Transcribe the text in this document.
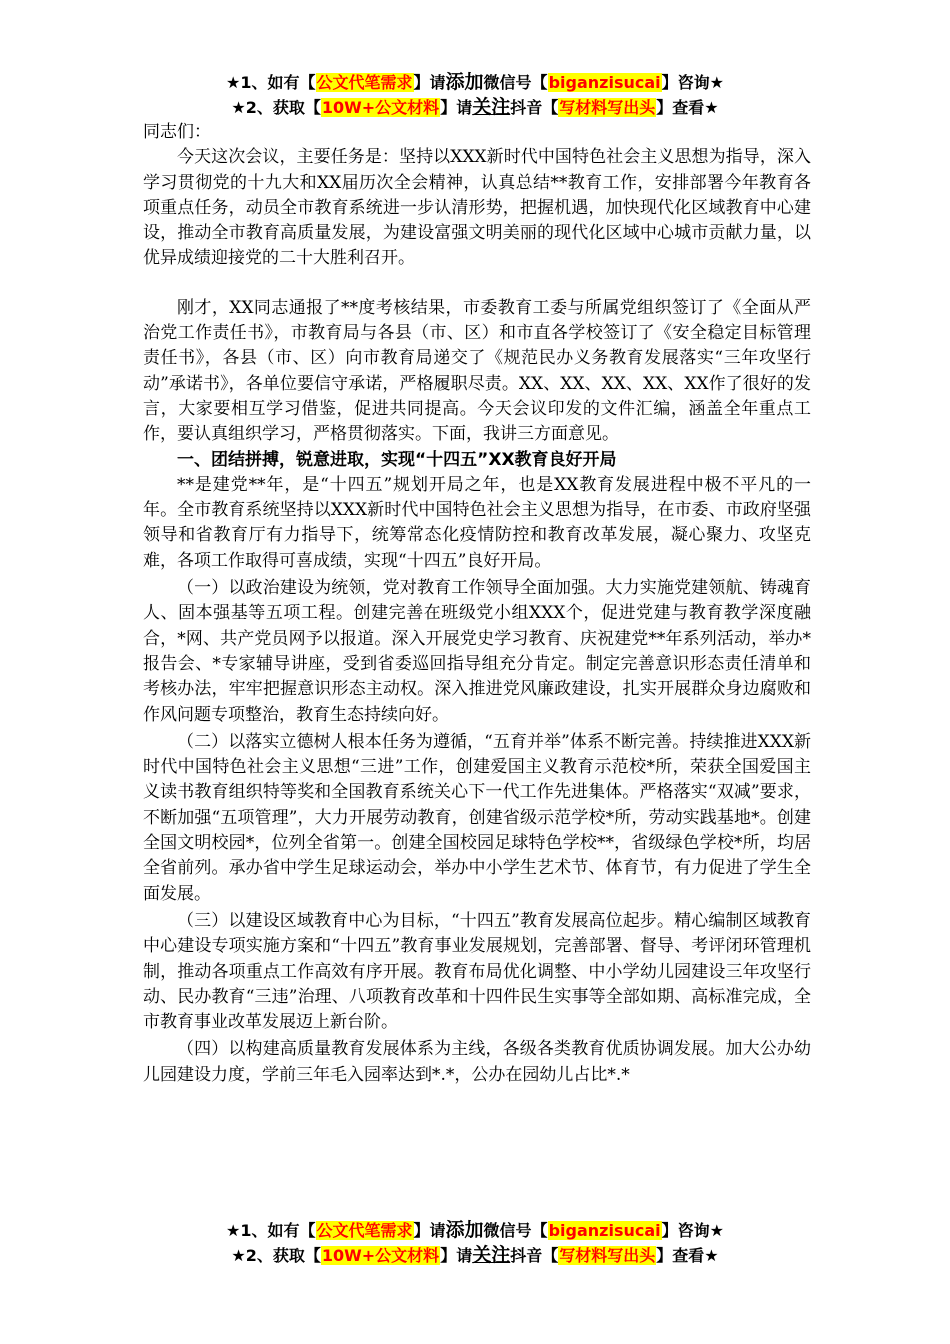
★1、如有【公文代笔需求】请添加微信号【biganzisucai】咨询★
★2、获取【10W+公文材料】请关注抖音【写材料写出头】查看★

同志们：

今天这次会议，主要任务是：坚持以XXX新时代中国特色社会主义思想为指导，深入学习贯彻党的十九大和XX届历次全会精神，认真总结**教育工作，安排部署今年教育各项重点任务，动员全市教育系统进一步认清形势，把握机遇，加快现代化区域教育中心建设，推动全市教育高质量发展，为建设富强文明美丽的现代化区域中心城市贡献力量，以优异成绩迎接党的二十大胜利召开。

刚才，XX同志通报了**度考核结果，市委教育工委与所属党组织签订了《全面从严治党工作责任书》，市教育局与各县（市、区）和市直各学校签订了《安全稳定目标管理责任书》，各县（市、区）向市教育局递交了《规范民办义务教育发展落实“三年攻坚行动”承诺书》，各单位要信守承诺，严格履职尽责。XX、XX、XX、XX、XX作了很好的发言，大家要相互学习借鉴，促进共同提高。今天会议印发的文件汇编，涵盖全年重点工作，要认真组织学习，严格贯彻落实。下面，我讲三方面意见。

一、团结拼搏，锐意进取，实现“十四五”XX教育良好开局

**是建党**年，是“十四五”规划开局之年，也是XX教育发展进程中极不平凡的一年。全市教育系统坚持以XXX新时代中国特色社会主义思想为指导，在市委、市政府坚强领导和省教育厅有力指导下，统筹常态化疫情防控和教育改革发展，凝心聚力、攻坚克难，各项工作取得可喜成绩，实现“十四五”良好开局。

（一）以政治建设为统领，党对教育工作领导全面加强。大力实施党建领航、铸魂育人、固本强基等五项工程。创建完善在班级党小组XXX个，促进党建与教育教学深度融合，*网、共产党员网予以报道。深入开展党史学习教育、庆祝建党**年系列活动，举办*报告会、*专家辅导讲座，受到省委巡回指导组充分肯定。制定完善意识形态责任清单和考核办法，牢牢把握意识形态主动权。深入推进党风廉政建设，扎实开展群众身边腐败和作风问题专项整治，教育生态持续向好。

（二）以落实立德树人根本任务为遵循，“五育并举”体系不断完善。持续推进XXX新时代中国特色社会主义思想“三进”工作，创建爱国主义教育示范校*所，荣获全国爱国主义读书教育组织特等奖和全国教育系统关心下一代工作先进集体。严格落实“双减”要求，不断加强“五项管理”，大力开展劳动教育，创建省级示范学校*所，劳动实践基地*。创建全国文明校园*，位列全省第一。创建全国校园足球特色学校**，省级绿色学校*所，均居全省前列。承办省中学生足球运动会，举办中小学生艺术节、体育节，有力促进了学生全面发展。

（三）以建设区域教育中心为目标，“十四五”教育发展高位起步。精心编制区域教育中心建设专项实施方案和“十四五”教育事业发展规划，完善部署、督导、考评闭环管理机制，推动各项重点工作高效有序开展。教育布局优化调整、中小学幼儿园建设三年攻坚行动、民办教育“三违”治理、八项教育改革和十四件民生实事等全部如期、高标准完成，全市教育事业改革发展迈上新台阶。

（四）以构建高质量教育发展体系为主线，各级各类教育优质协调发展。加大公办幼儿园建设力度，学前三年毛入园率达到*.*，公办在园幼儿占比*.*

★1、如有【公文代笔需求】请添加微信号【biganzisucai】咨询★
★2、获取【10W+公文材料】请关注抖音【写材料写出头】查看★
